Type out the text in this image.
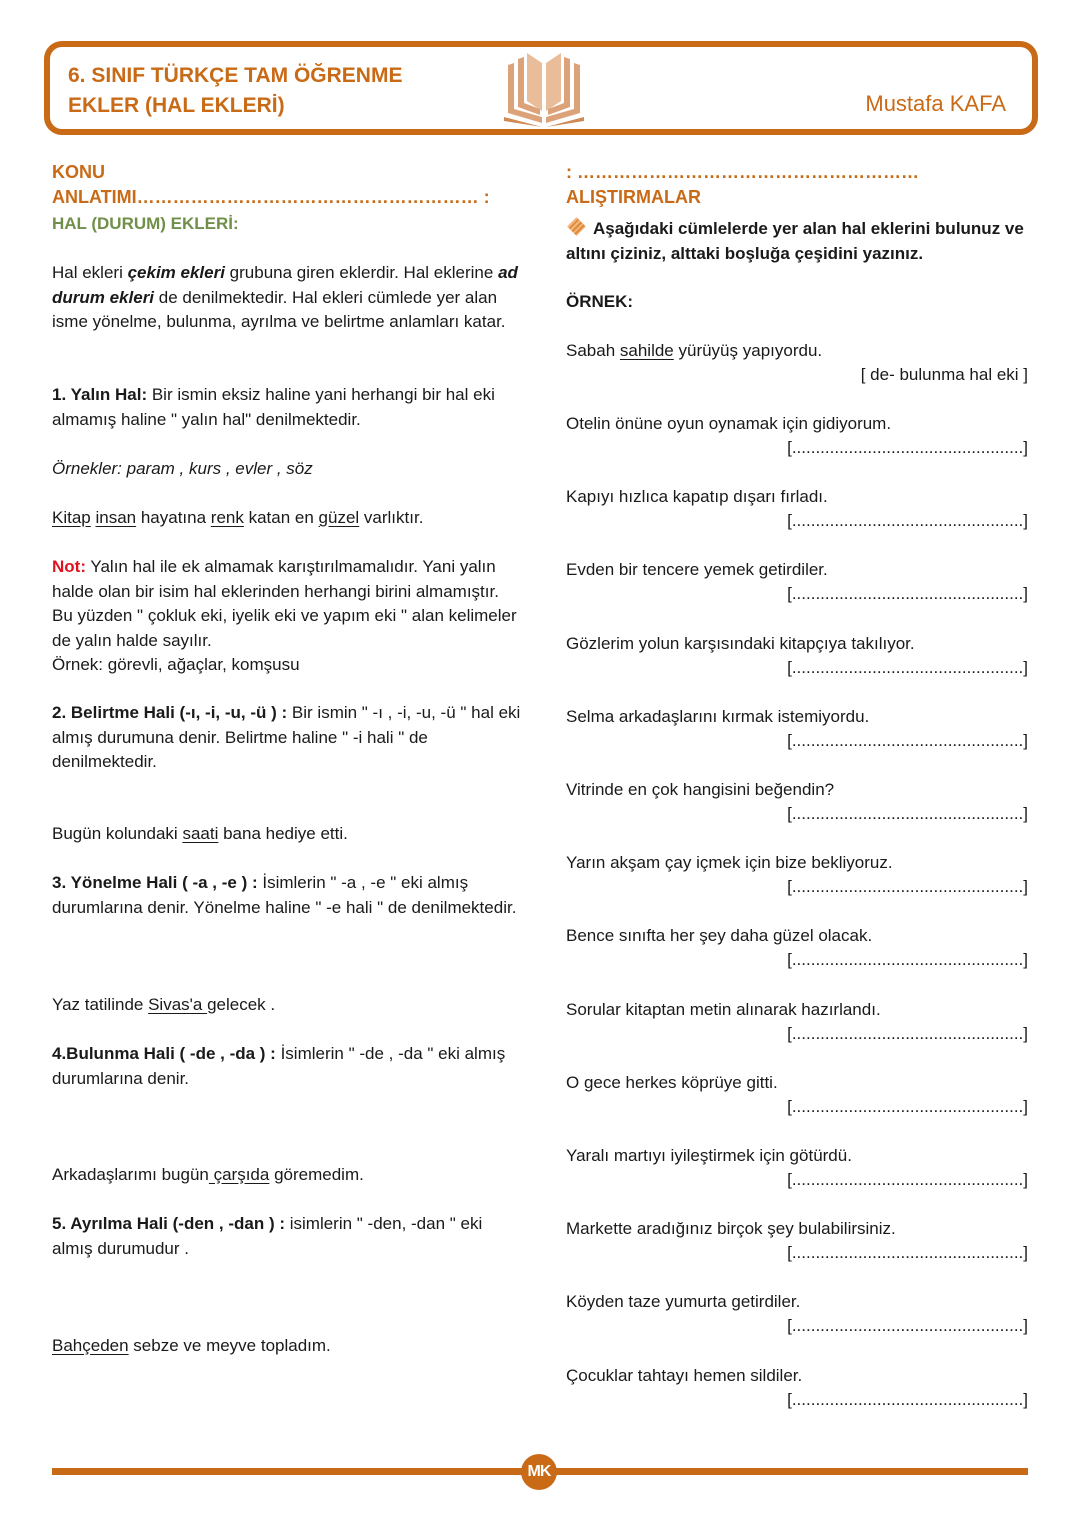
6. SINIF TÜRKÇE TAM ÖĞRENME
EKLER (HAL EKLERİ)	Mustafa KAFA
KONU ANLATIMI………………………………………………… :
HAL (DURUM) EKLERİ:

Hal ekleri çekim ekleri grubuna giren eklerdir. Hal eklerine ad durum ekleri de denilmektedir. Hal ekleri cümlede yer alan isme yönelme, bulunma, ayrılma ve belirtme anlamları katar.

1. Yalın Hal: Bir ismin eksiz haline yani herhangi bir hal eki almamış haline " yalın hal" denilmektedir.

Örnekler: param , kurs , evler , söz

Kitap insan hayatına renk katan en güzel varlıktır.

Not: Yalın hal ile ek almamak karıştırılmamalıdır. Yani yalın halde olan bir isim hal eklerinden herhangi birini almamıştır. Bu yüzden " çokluk eki, iyelik eki ve yapım eki " alan kelimeler de yalın halde sayılır.
Örnek: görevli, ağaçlar, komşusu

2. Belirtme Hali (-ı, -i, -u, -ü ) : Bir ismin " -ı , -i, -u, -ü " hal eki almış durumuna denir. Belirtme haline " -i hali " de denilmektedir.

Bugün kolundaki saati bana hediye etti.

3. Yönelme Hali ( -a , -e ) : İsimlerin " -a , -e " eki almış durumlarına denir. Yönelme haline " -e hali " de denilmektedir.

Yaz tatilinde Sivas'a gelecek .

4.Bulunma Hali ( -de , -da ) : İsimlerin " -de , -da " eki almış durumlarına denir.

Arkadaşlarımı bugün çarşıda göremedim.

5. Ayrılma Hali (-den , -dan ) : isimlerin " -den, -dan " eki almış durumudur .

Bahçeden sebze ve meyve topladım.

: …………………………………………………ALIŞTIRMALAR

Aşağıdaki cümlelerde yer alan hal eklerini bulunuz ve altını çiziniz, alttaki boşluğa çeşidini yazınız.

ÖRNEK:

Sabah sahilde yürüyüş yapıyordu.
[ de- bulunma hal eki ]
Otelin önüne oyun oynamak için gidiyorum.
[.................................................]
Kapıyı hızlıca kapatıp dışarı fırladı.
[.................................................]
Evden bir tencere yemek getirdiler.
[.................................................]
Gözlerim yolun karşısındaki kitapçıya takılıyor.
[.................................................]
Selma arkadaşlarını kırmak istemiyordu.
[.................................................]
Vitrinde en çok hangisini beğendin?
[.................................................]
Yarın akşam çay içmek için bize bekliyoruz.
[.................................................]
Bence sınıfta her şey daha güzel olacak.
[.................................................]
Sorular kitaptan metin alınarak hazırlandı.
[.................................................]
O gece herkes köprüye gitti.
[.................................................]
Yaralı martıyı iyileştirmek için götürdü.
[.................................................]
Markette aradığınız birçok şey bulabilirsiniz.
[.................................................]
Köyden taze yumurta getirdiler.
[.................................................]
Çocuklar tahtayı hemen sildiler.
[.................................................]
MK
